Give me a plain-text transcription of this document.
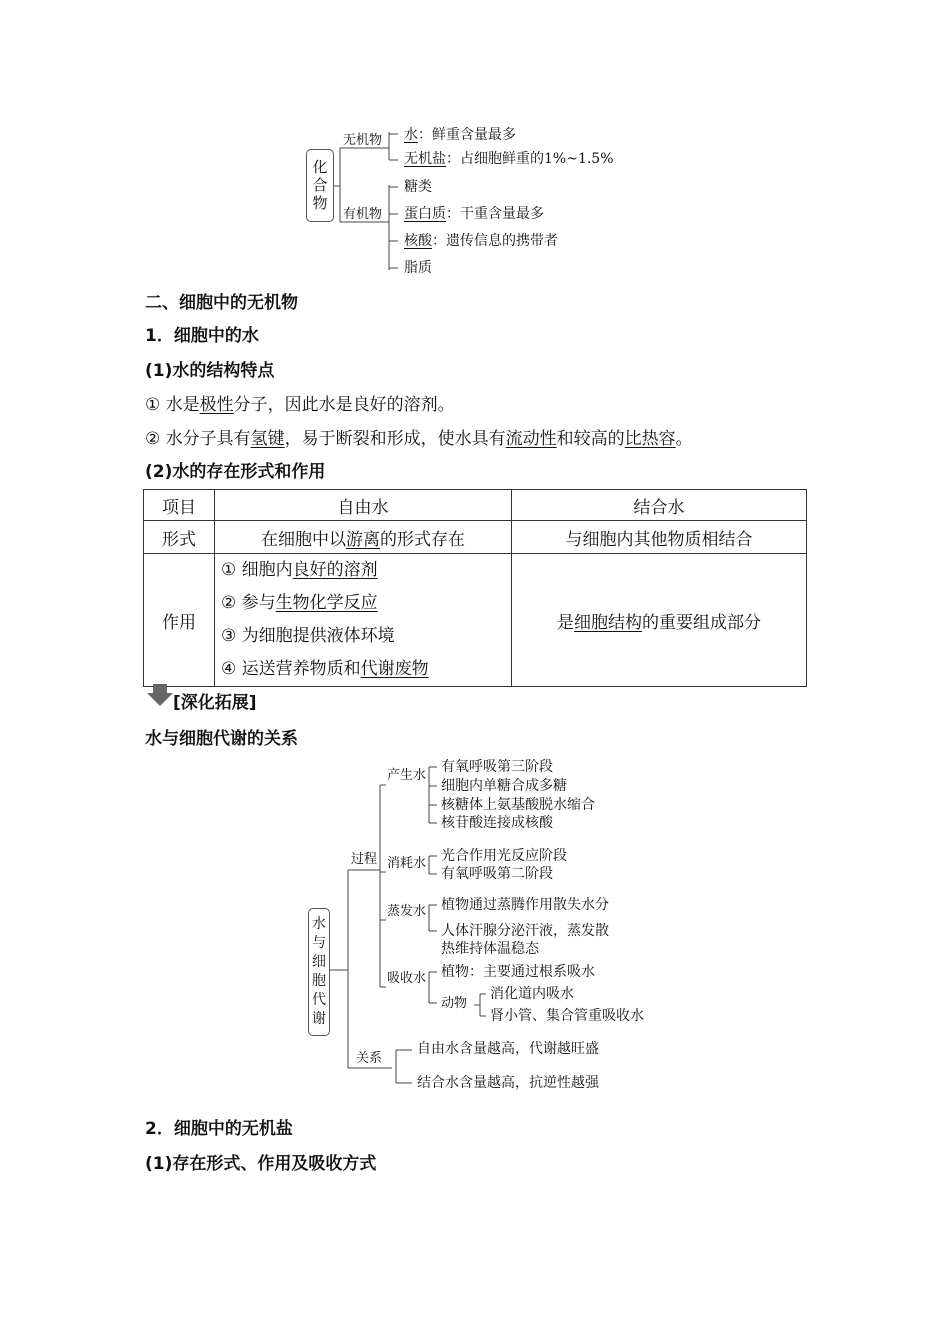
化合物
无机物
有机物
水：鲜重含量最多
无机盐：占细胞鲜重的1%~1.5%
糖类
蛋白质：干重含量最多
核酸：遗传信息的携带者
脂质
二、细胞中的无机物
1．细胞中的水
(1)水的结构特点
① 水是极性分子，因此水是良好的溶剂。
② 水分子具有氢键，易于断裂和形成，使水具有流动性和较高的比热容。
(2)水的存在形式和作用
项目	自由水	结合水
形式	在细胞中以游离的形式存在	与细胞内其他物质相结合
作用	① 细胞内良好的溶剂
② 参与生物化学反应
③ 为细胞提供液体环境
④ 运送营养物质和代谢废物	是细胞结构的重要组成部分
[深化拓展]
水与细胞代谢的关系
水与细胞代谢
过程
关系
产生水
消耗水
蒸发水
吸收水
有氧呼吸第三阶段
细胞内单糖合成多糖
核糖体上氨基酸脱水缩合
核苷酸连接成核酸
光合作用光反应阶段
有氧呼吸第二阶段
植物通过蒸腾作用散失水分
人体汗腺分泌汗液，蒸发散
热维持体温稳态
植物：主要通过根系吸水
动物
消化道内吸水
肾小管、集合管重吸收水
自由水含量越高，代谢越旺盛
结合水含量越高，抗逆性越强
2．细胞中的无机盐
(1)存在形式、作用及吸收方式
